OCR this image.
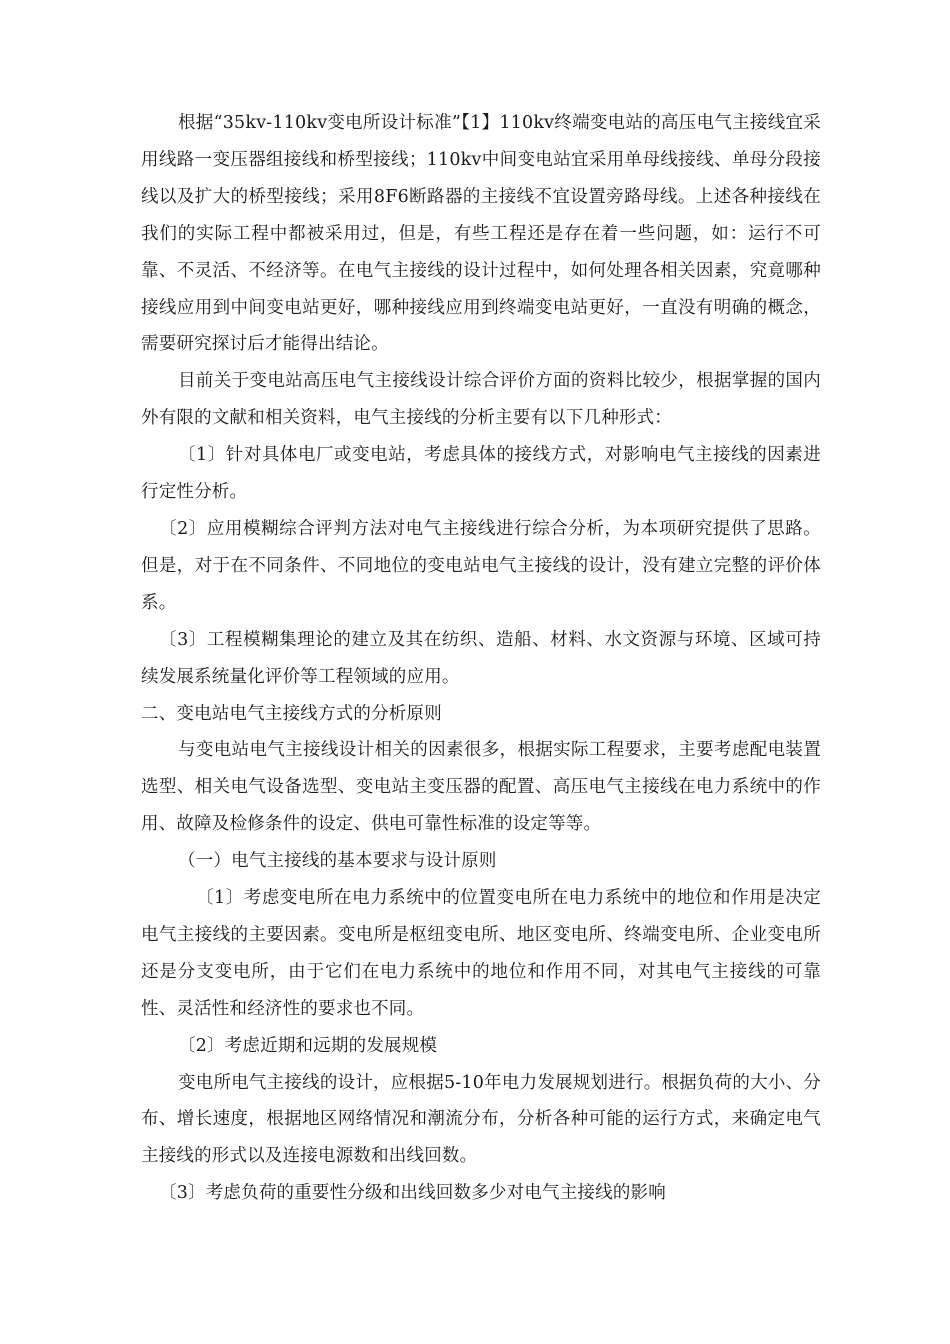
根据“35kv-110kv变电所设计标准”【1】110kv终端变电站的高压电气主接线宜采用线路一变压器组接线和桥型接线；110kv中间变电站宜采用单母线接线、单母分段接线以及扩大的桥型接线；采用8F6断路器的主接线不宜设置旁路母线。上述各种接线在我们的实际工程中都被采用过，但是，有些工程还是存在着一些问题，如：运行不可靠、不灵活、不经济等。在电气主接线的设计过程中，如何处理各相关因素，究竟哪种接线应用到中间变电站更好，哪种接线应用到终端变电站更好，一直没有明确的概念，需要研究探讨后才能得出结论。

目前关于变电站高压电气主接线设计综合评价方面的资料比较少，根据掌握的国内外有限的文献和相关资料，电气主接线的分析主要有以下几种形式：

〔1〕针对具体电厂或变电站，考虑具体的接线方式，对影响电气主接线的因素进行定性分析。

〔2〕应用模糊综合评判方法对电气主接线进行综合分析，为本项研究提供了思路。但是，对于在不同条件、不同地位的变电站电气主接线的设计，没有建立完整的评价体系。

〔3〕工程模糊集理论的建立及其在纺织、造船、材料、水文资源与环境、区域可持续发展系统量化评价等工程领域的应用。

二、变电站电气主接线方式的分析原则

与变电站电气主接线设计相关的因素很多，根据实际工程要求，主要考虑配电装置选型、相关电气设备选型、变电站主变压器的配置、高压电气主接线在电力系统中的作用、故障及检修条件的设定、供电可靠性标准的设定等等。

（一）电气主接线的基本要求与设计原则

〔1〕考虑变电所在电力系统中的位置变电所在电力系统中的地位和作用是决定电气主接线的主要因素。变电所是枢纽变电所、地区变电所、终端变电所、企业变电所还是分支变电所，由于它们在电力系统中的地位和作用不同，对其电气主接线的可靠性、灵活性和经济性的要求也不同。

〔2〕考虑近期和远期的发展规模

变电所电气主接线的设计，应根据5-10年电力发展规划进行。根据负荷的大小、分布、增长速度，根据地区网络情况和潮流分布，分析各种可能的运行方式，来确定电气主接线的形式以及连接电源数和出线回数。

〔3〕考虑负荷的重要性分级和出线回数多少对电气主接线的影响
